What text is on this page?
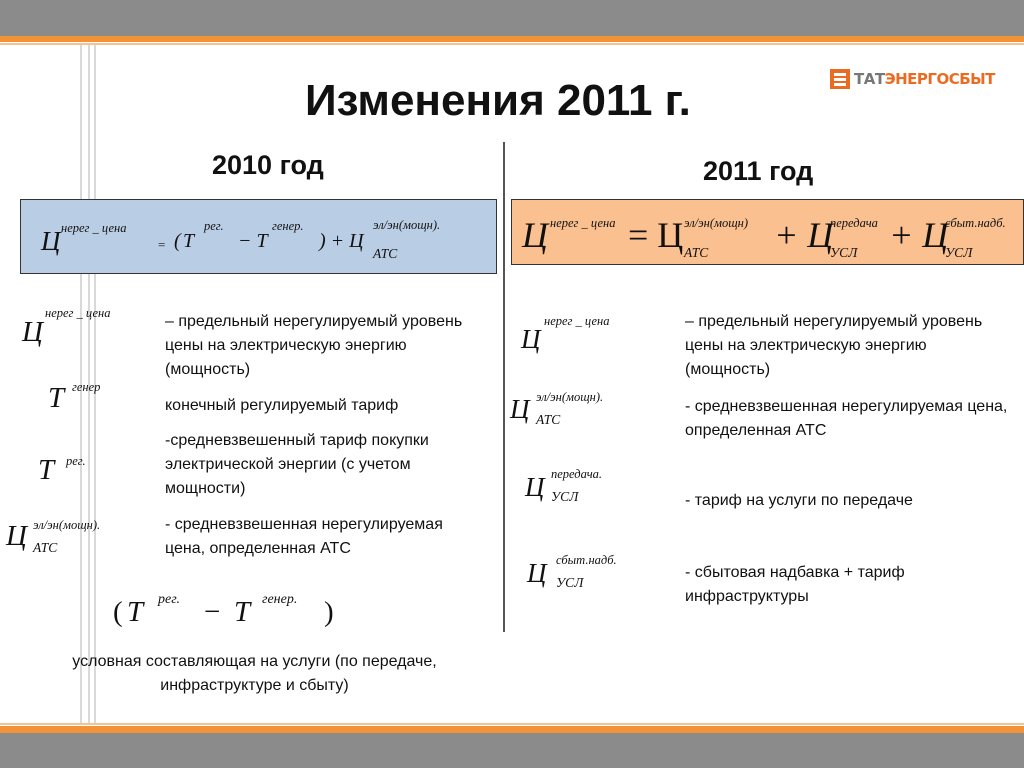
ТАТЭНЕРГОСБЫТ
Изменения 2011 г.
2010 год	2011 год
Ц нерег _ цена
= ( Т
рег.
− Т
генер.
) + Ц
эл/эн(мощн).
АТС	Ц нерег _ цена = Ц эл/эн(мощн)
АТС + Ц
передача
УСЛ + Ц
сбыт.надб.
УСЛ
Ц
нерег _ цена	– предельный нерегулируемый уровень цены на электрическую энергию (мощность)
Т генер
конечный регулируемый тариф
Т рег.
-средневзвешенный тариф покупки электрической энергии (с учетом мощности)
Ц эл/эн(мощн).
АТС
- средневзвешенная нерегулируемая цена, определенная АТС
( Т рег. − Т генер. )
условная составляющая на услуги (по передаче, инфраструктуре и сбыту)
Ц
нерег _ цена	– предельный нерегулируемый уровень цены на электрическую энергию (мощность)
Ц эл/эн(мощн).
АТС
- средневзвешенная нерегулируемая цена, определенная АТС
Ц передача.
УСЛ	- тариф на услуги по передаче
Ц сбыт.надб.
УСЛ
- сбытовая надбавка + тариф инфраструктуры
